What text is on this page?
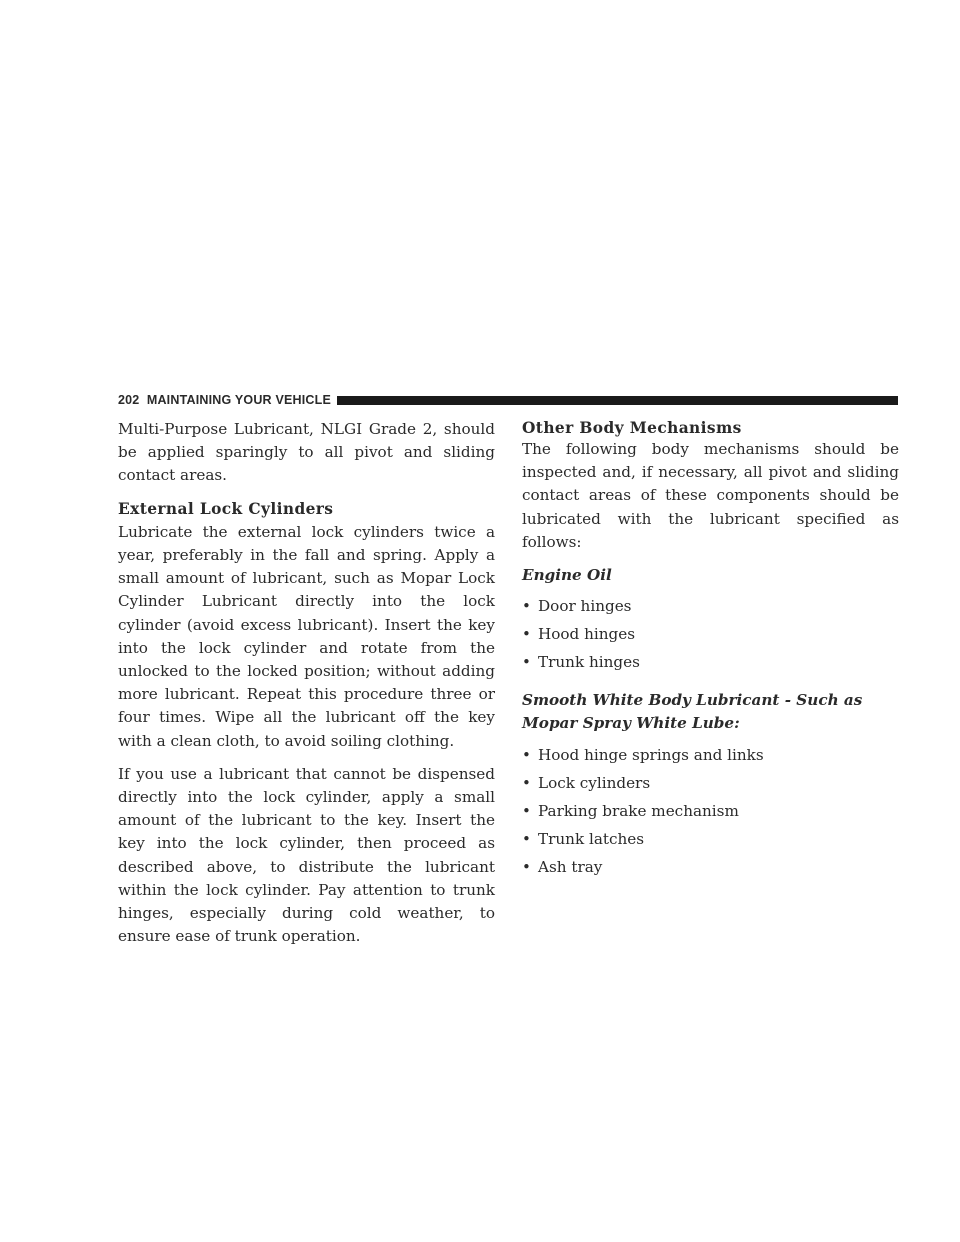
202 MAINTAINING YOUR VEHICLE

Multi-Purpose Lubricant, NLGI Grade 2, should be applied sparingly to all pivot and sliding contact areas.

External Lock Cylinders

Lubricate the external lock cylinders twice a year, preferably in the fall and spring. Apply a small amount of lubricant, such as Mopar Lock Cylinder Lubricant directly into the lock cylinder (avoid excess lubricant). Insert the key into the lock cylinder and rotate from the unlocked to the locked position; without adding more lubricant. Repeat this procedure three or four times. Wipe all the lubricant off the key with a clean cloth, to avoid soiling clothing.

If you use a lubricant that cannot be dispensed directly into the lock cylinder, apply a small amount of the lubricant to the key. Insert the key into the lock cylinder, then proceed as described above, to distribute the lubricant within the lock cylinder. Pay attention to trunk hinges, especially during cold weather, to ensure ease of trunk operation.

Other Body Mechanisms

The following body mechanisms should be inspected and, if necessary, all pivot and sliding contact areas of these components should be lubricated with the lubricant specified as follows:

Engine Oil
• Door hinges
• Hood hinges
• Trunk hinges
Smooth White Body Lubricant - Such as Mopar Spray White Lube:
• Hood hinge springs and links
• Lock cylinders
• Parking brake mechanism
• Trunk latches
• Ash tray
